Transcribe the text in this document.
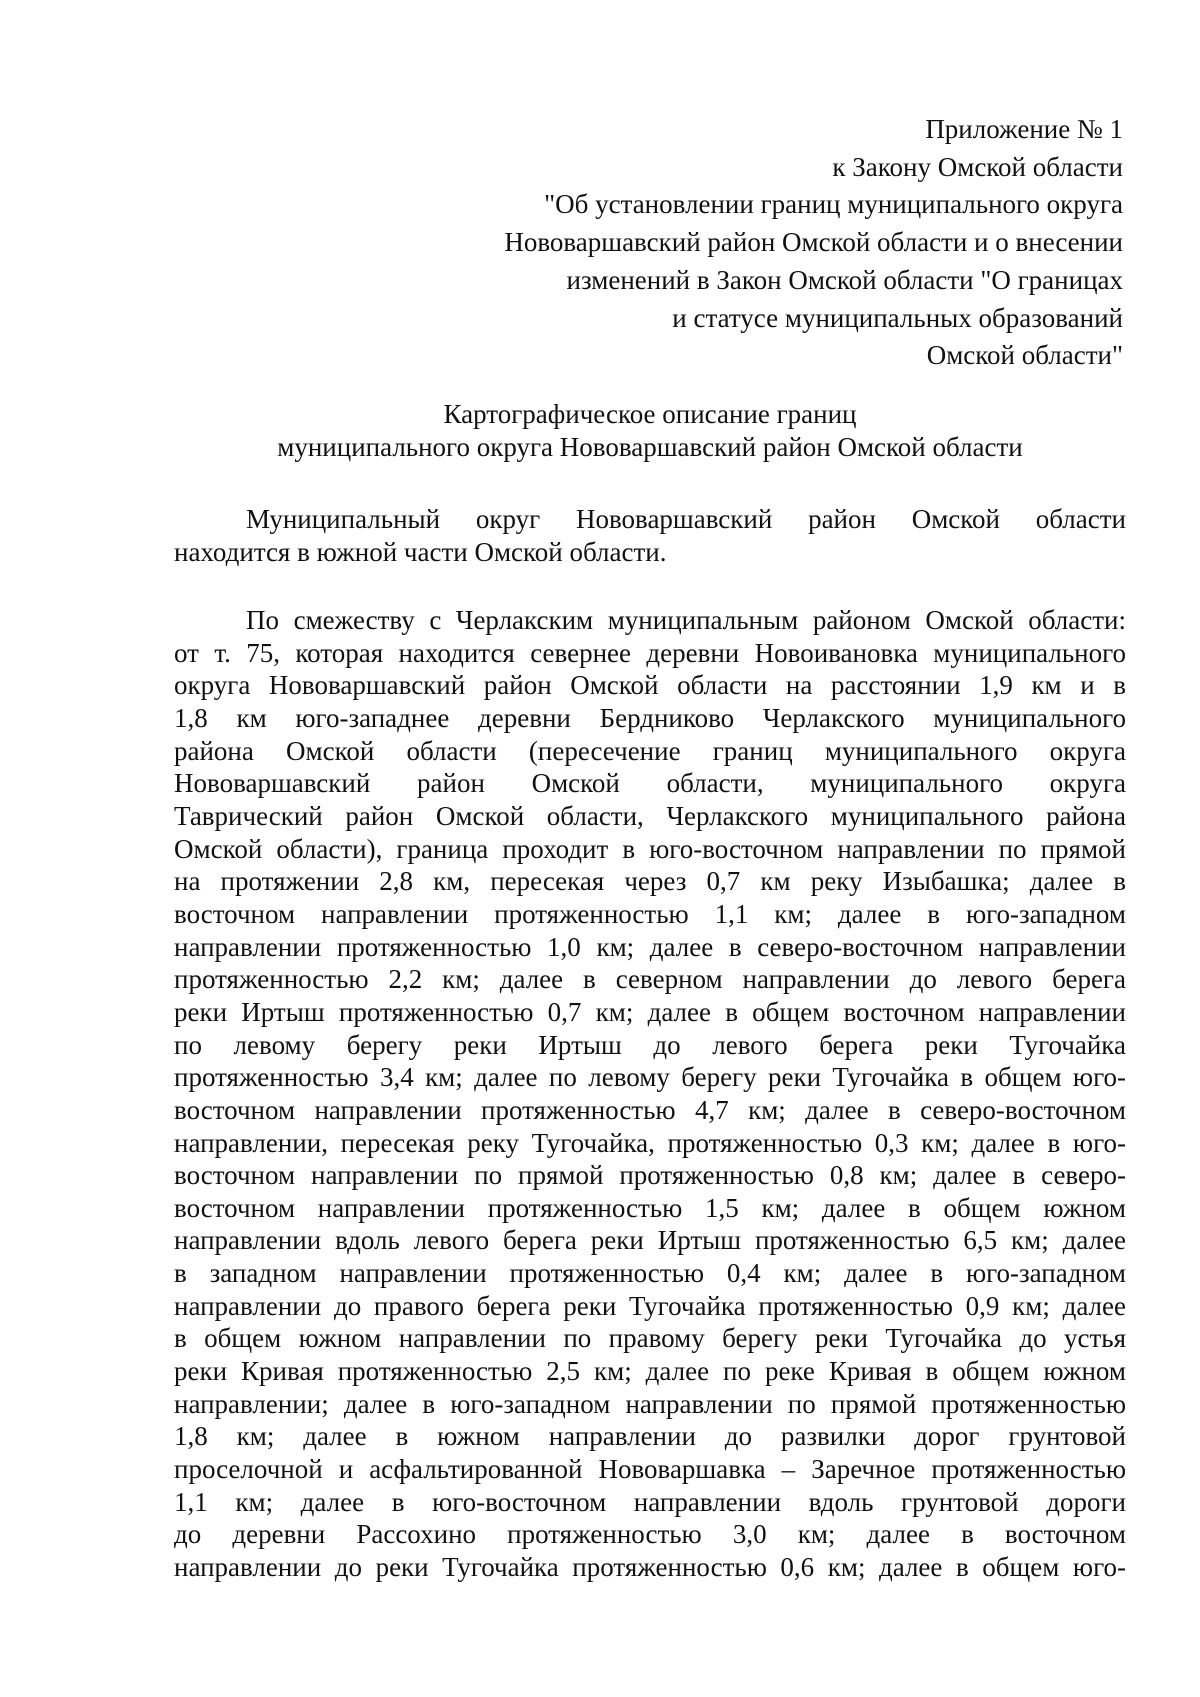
Приложение № 1
к Закону Омской области
"Об установлении границ муниципального округа
Нововаршавский район Омской области и о внесении
изменений в Закон Омской области "О границах
и статусе муниципальных образований
Омской области"
Картографическое описание границ
муниципального округа Нововаршавский район Омской области
Муниципальный округ Нововаршавский район Омской области
находится в южной части Омской области.
По смежеству с Черлакским муниципальным районом Омской области:
от т. 75, которая находится севернее деревни Новоивановка муниципального
округа Нововаршавский район Омской области на расстоянии 1,9 км и в
1,8 км юго-западнее деревни Бердниково Черлакского муниципального
района Омской области (пересечение границ муниципального округа
Нововаршавский район Омской области, муниципального округа
Таврический район Омской области, Черлакского муниципального района
Омской области), граница проходит в юго-восточном направлении по прямой
на протяжении 2,8 км, пересекая через 0,7 км реку Изыбашка; далее в
восточном направлении протяженностью 1,1 км; далее в юго-западном
направлении протяженностью 1,0 км; далее в северо-восточном направлении
протяженностью 2,2 км; далее в северном направлении до левого берега
реки Иртыш протяженностью 0,7 км; далее в общем восточном направлении
по левому берегу реки Иртыш до левого берега реки Тугочайка
протяженностью 3,4 км; далее по левому берегу реки Тугочайка в общем юго-
восточном направлении протяженностью 4,7 км; далее в северо-восточном
направлении, пересекая реку Тугочайка, протяженностью 0,3 км; далее в юго-
восточном направлении по прямой протяженностью 0,8 км; далее в северо-
восточном направлении протяженностью 1,5 км; далее в общем южном
направлении вдоль левого берега реки Иртыш протяженностью 6,5 км; далее
в западном направлении протяженностью 0,4 км; далее в юго-западном
направлении до правого берега реки Тугочайка протяженностью 0,9 км; далее
в общем южном направлении по правому берегу реки Тугочайка до устья
реки Кривая протяженностью 2,5 км; далее по реке Кривая в общем южном
направлении; далее в юго-западном направлении по прямой протяженностью
1,8 км; далее в южном направлении до развилки дорог грунтовой
проселочной и асфальтированной Нововаршавка – Заречное протяженностью
1,1 км; далее в юго-восточном направлении вдоль грунтовой дороги
до деревни Рассохино протяженностью 3,0 км; далее в восточном
направлении до реки Тугочайка протяженностью 0,6 км; далее в общем юго-
